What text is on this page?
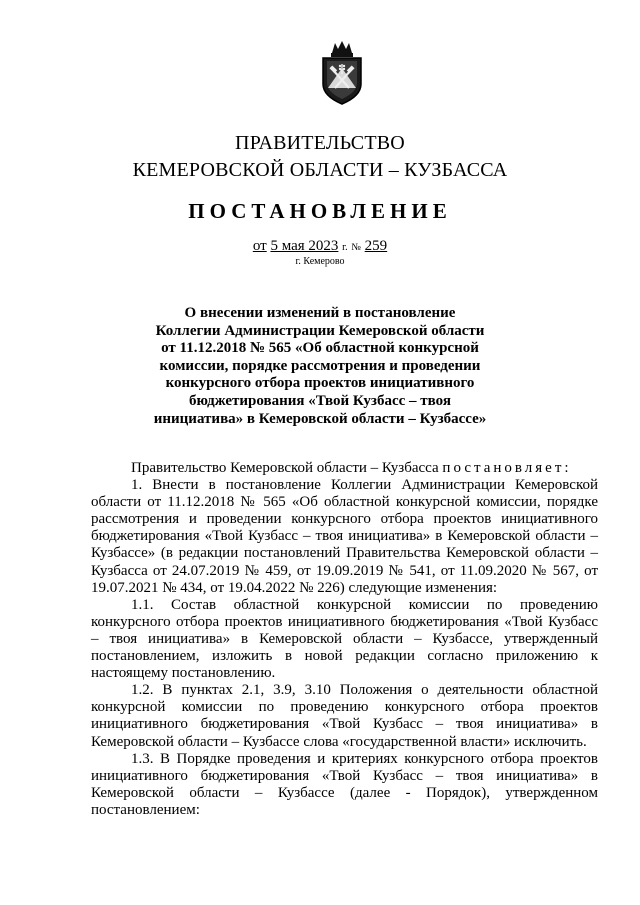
ПРАВИТЕЛЬСТВО
КЕМЕРОВСКОЙ ОБЛАСТИ – КУЗБАССА
ПОСТАНОВЛЕНИЕ
от 5 мая 2023 г. № 259
г. Кемерово
О внесении изменений в постановление
Коллегии Администрации Кемеровской области
от 11.12.2018 № 565 «Об областной конкурсной
комиссии, порядке рассмотрения и проведении
конкурсного отбора проектов инициативного
бюджетирования «Твой Кузбасс – твоя
инициатива» в Кемеровской области – Кузбассе»

Правительство Кемеровской области – Кузбасса постановляет:

1. Внести в постановление Коллегии Администрации Кемеровской области от 11.12.2018 № 565 «Об областной конкурсной комиссии, порядке рассмотрения и проведении конкурсного отбора проектов инициативного бюджетирования «Твой Кузбасс – твоя инициатива» в Кемеровской области – Кузбассе» (в редакции постановлений Правительства Кемеровской области – Кузбасса от 24.07.2019 № 459, от 19.09.2019 № 541, от 11.09.2020 № 567, от 19.07.2021 № 434, от 19.04.2022 № 226) следующие изменения:

1.1. Состав областной конкурсной комиссии по проведению конкурсного отбора проектов инициативного бюджетирования «Твой Кузбасс – твоя инициатива» в Кемеровской области – Кузбассе, утвержденный постановлением, изложить в новой редакции согласно приложению к настоящему постановлению.

1.2. В пунктах 2.1, 3.9, 3.10 Положения о деятельности областной конкурсной комиссии по проведению конкурсного отбора проектов инициативного бюджетирования «Твой Кузбасс – твоя инициатива» в Кемеровской области – Кузбассе слова «государственной власти» исключить.

1.3. В Порядке проведения и критериях конкурсного отбора проектов инициативного бюджетирования «Твой Кузбасс – твоя инициатива» в Кемеровской области – Кузбассе (далее - Порядок), утвержденном постановлением:
